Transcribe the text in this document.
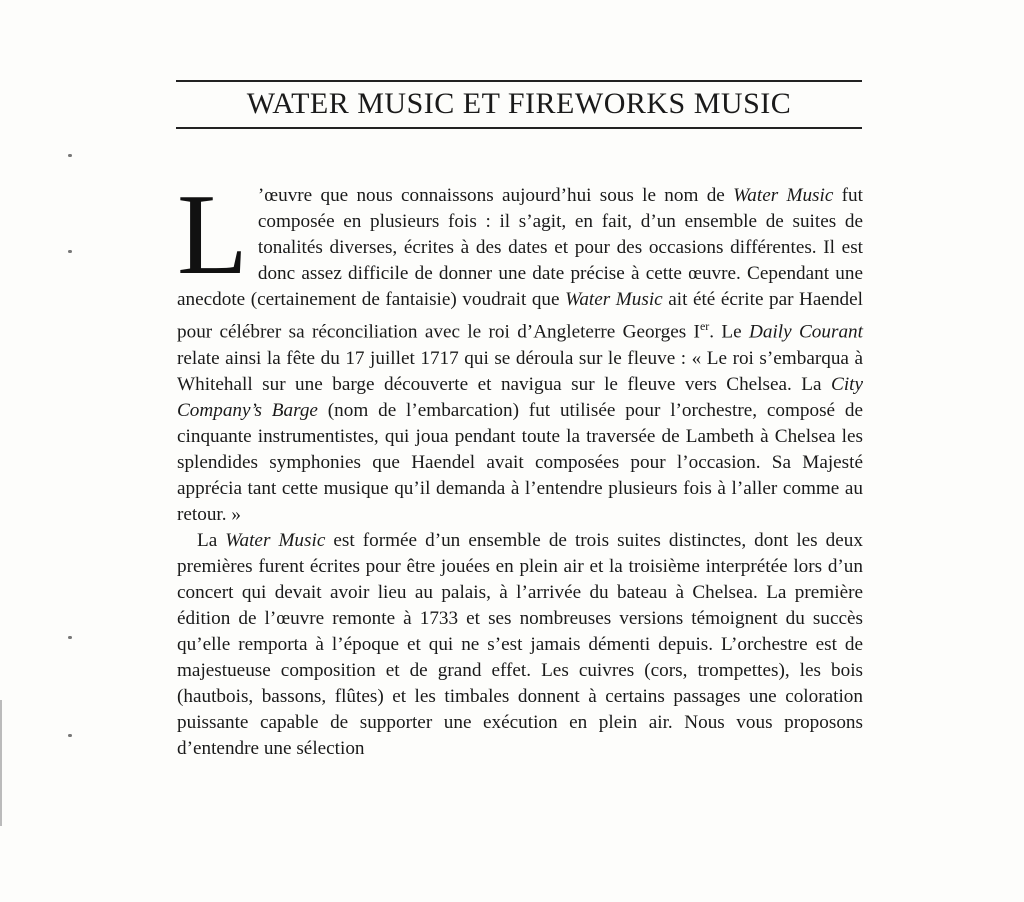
WATER MUSIC ET FIREWORKS MUSIC

L ’œuvre que nous connaissons aujourd’hui sous le nom de Water Music fut composée en plusieurs fois : il s’agit, en fait, d’un ensemble de suites de tonalités diverses, écrites à des dates et pour des occasions différentes. Il est donc assez difficile de donner une date précise à cette œuvre. Cependant une anecdote (certainement de fantaisie) voudrait que Water Music ait été écrite par Haendel pour célébrer sa réconciliation avec le roi d’Angleterre Georges Ier. Le Daily Courant relate ainsi la fête du 17 juillet 1717 qui se déroula sur le fleuve : « Le roi s’embarqua à Whitehall sur une barge découverte et navigua sur le fleuve vers Chelsea. La City Company’s Barge (nom de l’embarcation) fut utilisée pour l’orchestre, composé de cinquante instrumentistes, qui joua pendant toute la traversée de Lambeth à Chelsea les splendides symphonies que Haendel avait composées pour l’occasion. Sa Majesté apprécia tant cette musique qu’il demanda à l’entendre plusieurs fois à l’aller comme au retour. »

La Water Music est formée d’un ensemble de trois suites distinctes, dont les deux premières furent écrites pour être jouées en plein air et la troisième interprétée lors d’un concert qui devait avoir lieu au palais, à l’arrivée du bateau à Chelsea. La première édition de l’œuvre remonte à 1733 et ses nombreuses versions témoignent du succès qu’elle remporta à l’époque et qui ne s’est jamais démenti depuis. L’orchestre est de majestueuse composition et de grand effet. Les cuivres (cors, trompettes), les bois (hautbois, bassons, flûtes) et les timbales donnent à certains passages une coloration puissante capable de supporter une exécution en plein air. Nous vous proposons d’entendre une sélection
